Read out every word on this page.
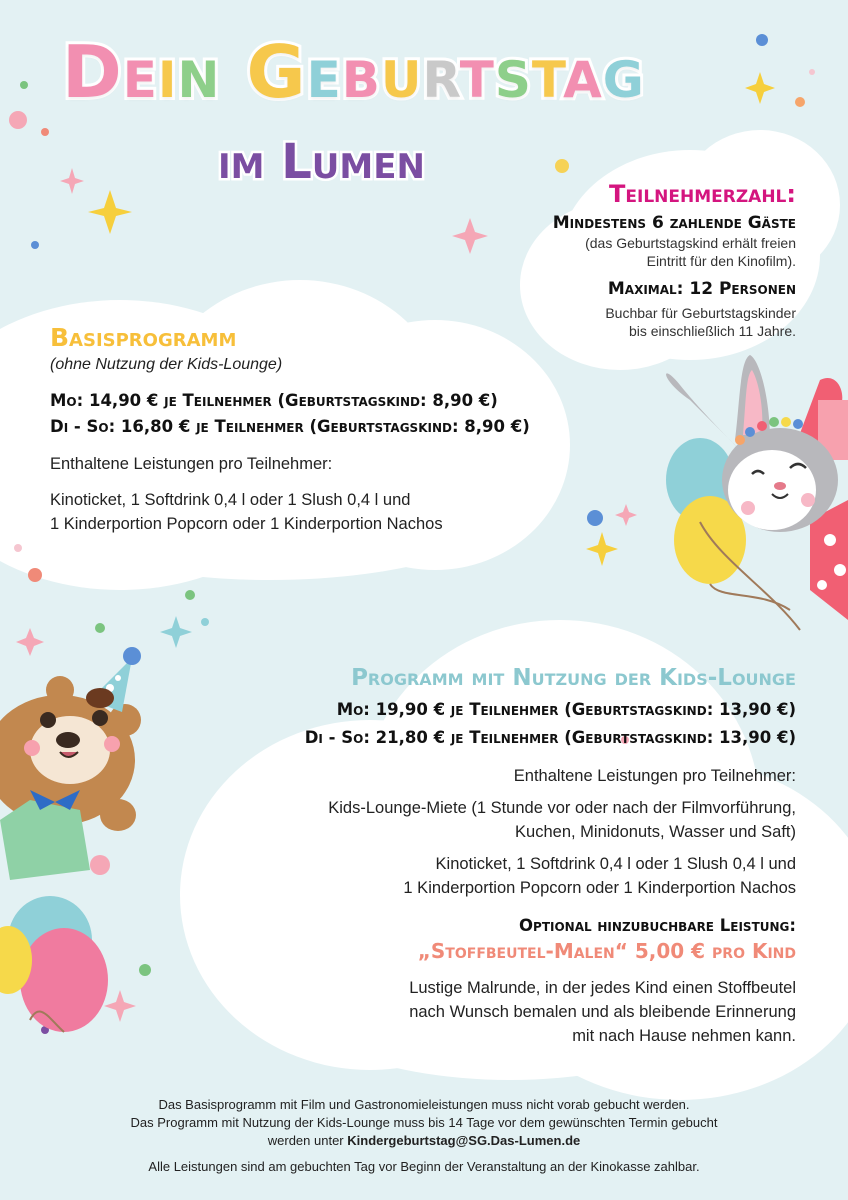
Dein Geburtstag
im Lumen
Teilnehmerzahl:
Mindestens 6 zahlende Gäste
(das Geburtstagskind erhält freien
Eintritt für den Kinofilm).
Maximal: 12 Personen
Buchbar für Geburtstagskinder
bis einschließlich 11 Jahre.
Basisprogramm
(ohne Nutzung der Kids-Lounge)
Mo: 14,90 € je Teilnehmer (Geburtstagskind: 8,90 €)
Di - So: 16,80 € je Teilnehmer (Geburtstagskind: 8,90 €)
Enthaltene Leistungen pro Teilnehmer:
Kinoticket, 1 Softdrink 0,4 l oder 1 Slush 0,4 l und
1 Kinderportion Popcorn oder 1 Kinderportion Nachos
Programm mit Nutzung der Kids-Lounge
Mo: 19,90 € je Teilnehmer (Geburtstagskind: 13,90 €)
Di - So: 21,80 € je Teilnehmer (Geburtstagskind: 13,90 €)
Enthaltene Leistungen pro Teilnehmer:
Kids-Lounge-Miete (1 Stunde vor oder nach der Filmvorführung,
Kuchen, Minidonuts, Wasser und Saft)
Kinoticket, 1 Softdrink 0,4 l oder 1 Slush 0,4 l und
1 Kinderportion Popcorn oder 1 Kinderportion Nachos
Optional hinzubuchbare Leistung:
„Stoffbeutel-Malen“ 5,00 € pro Kind
Lustige Malrunde, in der jedes Kind einen Stoffbeutel
nach Wunsch bemalen und als bleibende Erinnerung
mit nach Hause nehmen kann.
Das Basisprogramm mit Film und Gastronomieleistungen muss nicht vorab gebucht werden.
Das Programm mit Nutzung der Kids-Lounge muss bis 14 Tage vor dem gewünschten Termin gebucht
werden unter Kindergeburtstag@SG.Das-Lumen.de
Alle Leistungen sind am gebuchten Tag vor Beginn der Veranstaltung an der Kinokasse zahlbar.
